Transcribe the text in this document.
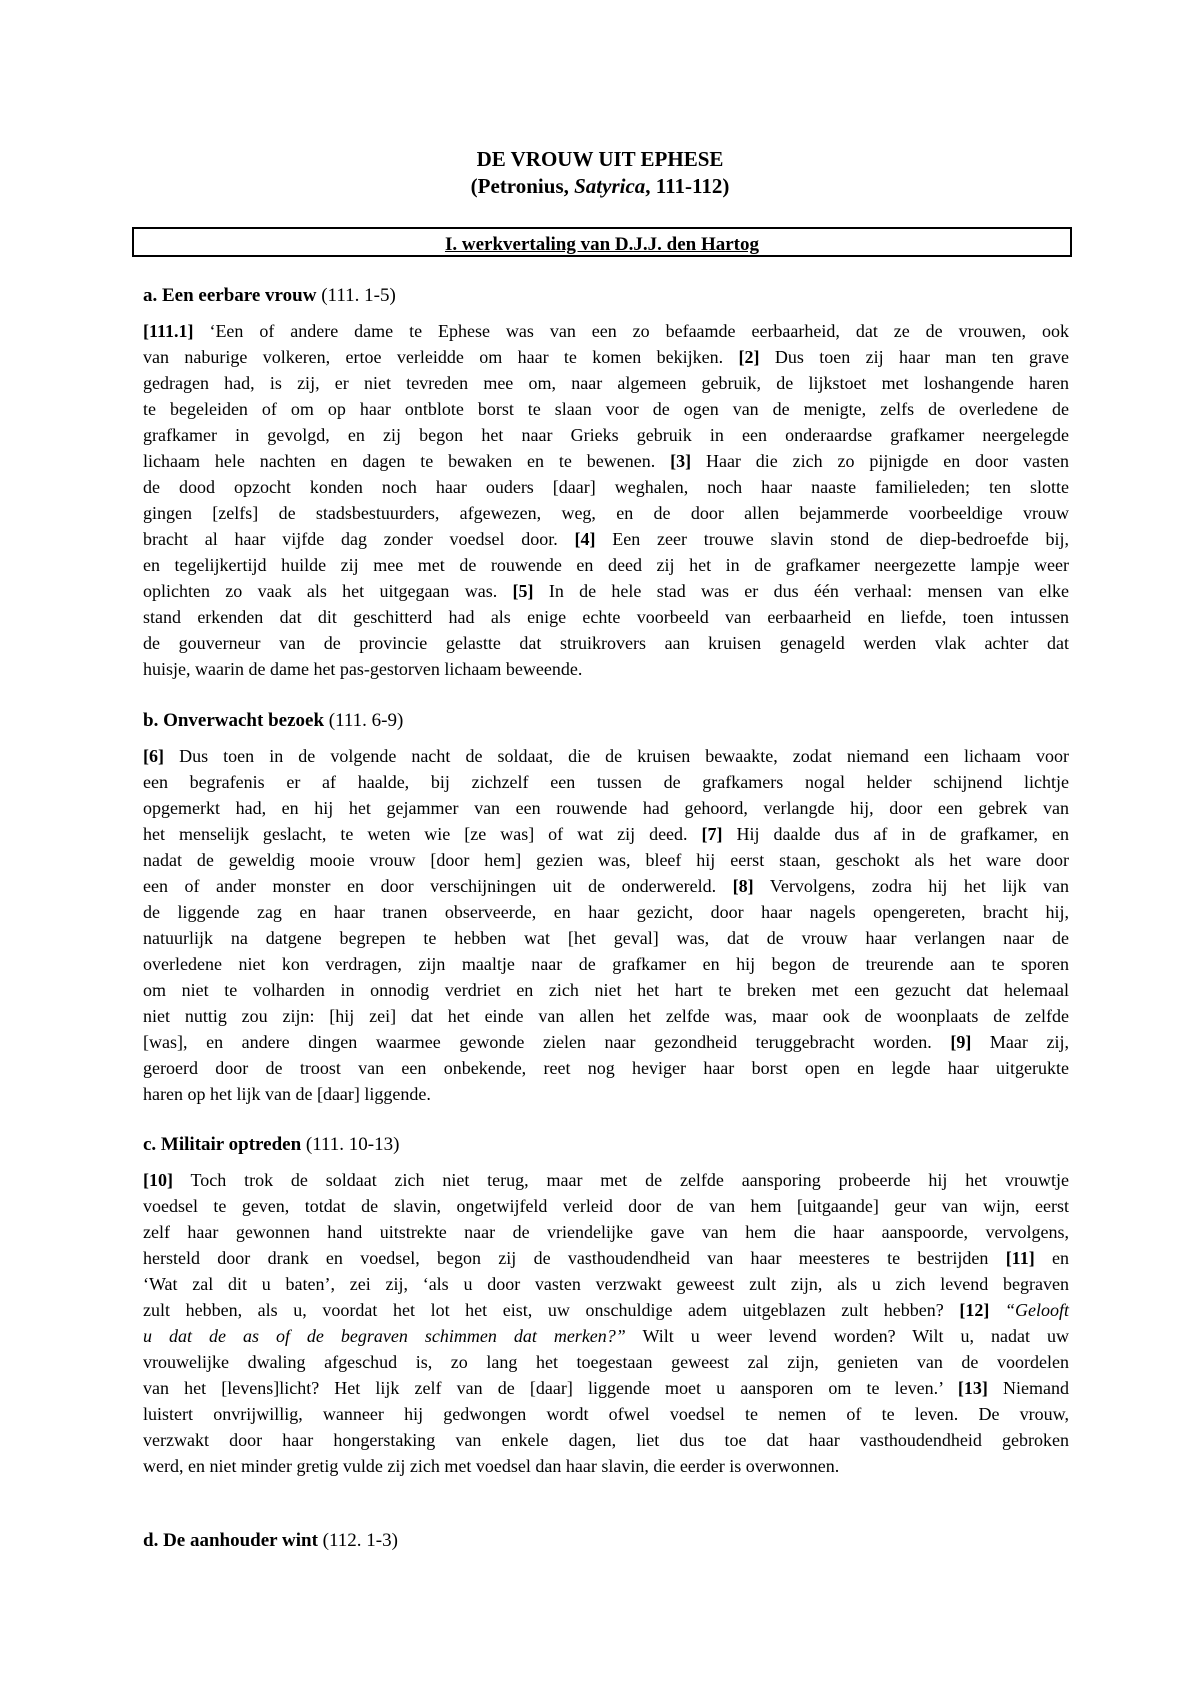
DE VROUW UIT EPHESE
(Petronius, Satyrica, 111-112)
I. werkvertaling van D.J.J. den Hartog
a. Een eerbare vrouw (111. 1-5)
[111.1] ‘Een of andere dame te Ephese was van een zo befaamde eerbaarheid, dat ze de vrouwen, ook
van naburige volkeren, ertoe verleidde om haar te komen bekijken. [2] Dus toen zij haar man ten grave
gedragen had, is zij, er niet tevreden mee om, naar algemeen gebruik, de lijkstoet met loshangende haren
te begeleiden of om op haar ontblote borst te slaan voor de ogen van de menigte, zelfs de overledene de
grafkamer in gevolgd, en zij begon het naar Grieks gebruik in een onderaardse grafkamer neergelegde
lichaam hele nachten en dagen te bewaken en te bewenen. [3] Haar die zich zo pijnigde en door vasten
de dood opzocht konden noch haar ouders [daar] weghalen, noch haar naaste familieleden; ten slotte
gingen [zelfs] de stadsbestuurders, afgewezen, weg, en de door allen bejammerde voorbeeldige vrouw
bracht al haar vijfde dag zonder voedsel door. [4] Een zeer trouwe slavin stond de diep-bedroefde bij,
en tegelijkertijd huilde zij mee met de rouwende en deed zij het in de grafkamer neergezette lampje weer
oplichten zo vaak als het uitgegaan was. [5] In de hele stad was er dus één verhaal: mensen van elke
stand erkenden dat dit geschitterd had als enige echte voorbeeld van eerbaarheid en liefde, toen intussen
de gouverneur van de provincie gelastte dat struikrovers aan kruisen genageld werden vlak achter dat
huisje, waarin de dame het pas-gestorven lichaam beweende.
b. Onverwacht bezoek (111. 6-9)
[6] Dus toen in de volgende nacht de soldaat, die de kruisen bewaakte, zodat niemand een lichaam voor
een begrafenis er af haalde, bij zichzelf een tussen de grafkamers nogal helder schijnend lichtje
opgemerkt had, en hij het gejammer van een rouwende had gehoord, verlangde hij, door een gebrek van
het menselijk geslacht, te weten wie [ze was] of wat zij deed. [7] Hij daalde dus af in de grafkamer, en
nadat de geweldig mooie vrouw [door hem] gezien was, bleef hij eerst staan, geschokt als het ware door
een of ander monster en door verschijningen uit de onderwereld. [8] Vervolgens, zodra hij het lijk van
de liggende zag en haar tranen observeerde, en haar gezicht, door haar nagels opengereten, bracht hij,
natuurlijk na datgene begrepen te hebben wat [het geval] was, dat de vrouw haar verlangen naar de
overledene niet kon verdragen, zijn maaltje naar de grafkamer en hij begon de treurende aan te sporen
om niet te volharden in onnodig verdriet en zich niet het hart te breken met een gezucht dat helemaal
niet nuttig zou zijn: [hij zei] dat het einde van allen het zelfde was, maar ook de woonplaats de zelfde
[was], en andere dingen waarmee gewonde zielen naar gezondheid teruggebracht worden. [9] Maar zij,
geroerd door de troost van een onbekende, reet nog heviger haar borst open en legde haar uitgerukte
haren op het lijk van de [daar] liggende.
c. Militair optreden (111. 10-13)
[10] Toch trok de soldaat zich niet terug, maar met de zelfde aansporing probeerde hij het vrouwtje
voedsel te geven, totdat de slavin, ongetwijfeld verleid door de van hem [uitgaande] geur van wijn, eerst
zelf haar gewonnen hand uitstrekte naar de vriendelijke gave van hem die haar aanspoorde, vervolgens,
hersteld door drank en voedsel, begon zij de vasthoudendheid van haar meesteres te bestrijden [11] en
‘Wat zal dit u baten’, zei zij, ‘als u door vasten verzwakt geweest zult zijn, als u zich levend begraven
zult hebben, als u, voordat het lot het eist, uw onschuldige adem uitgeblazen zult hebben? [12] “Gelooft
u dat de as of de begraven schimmen dat merken?” Wilt u weer levend worden? Wilt u, nadat uw
vrouwelijke dwaling afgeschud is, zo lang het toegestaan geweest zal zijn, genieten van de voordelen
van het [levens]licht? Het lijk zelf van de [daar] liggende moet u aansporen om te leven.’ [13] Niemand
luistert onvrijwillig, wanneer hij gedwongen wordt ofwel voedsel te nemen of te leven. De vrouw,
verzwakt door haar hongerstaking van enkele dagen, liet dus toe dat haar vasthoudendheid gebroken
werd, en niet minder gretig vulde zij zich met voedsel dan haar slavin, die eerder is overwonnen.
d. De aanhouder wint (112. 1-3)
